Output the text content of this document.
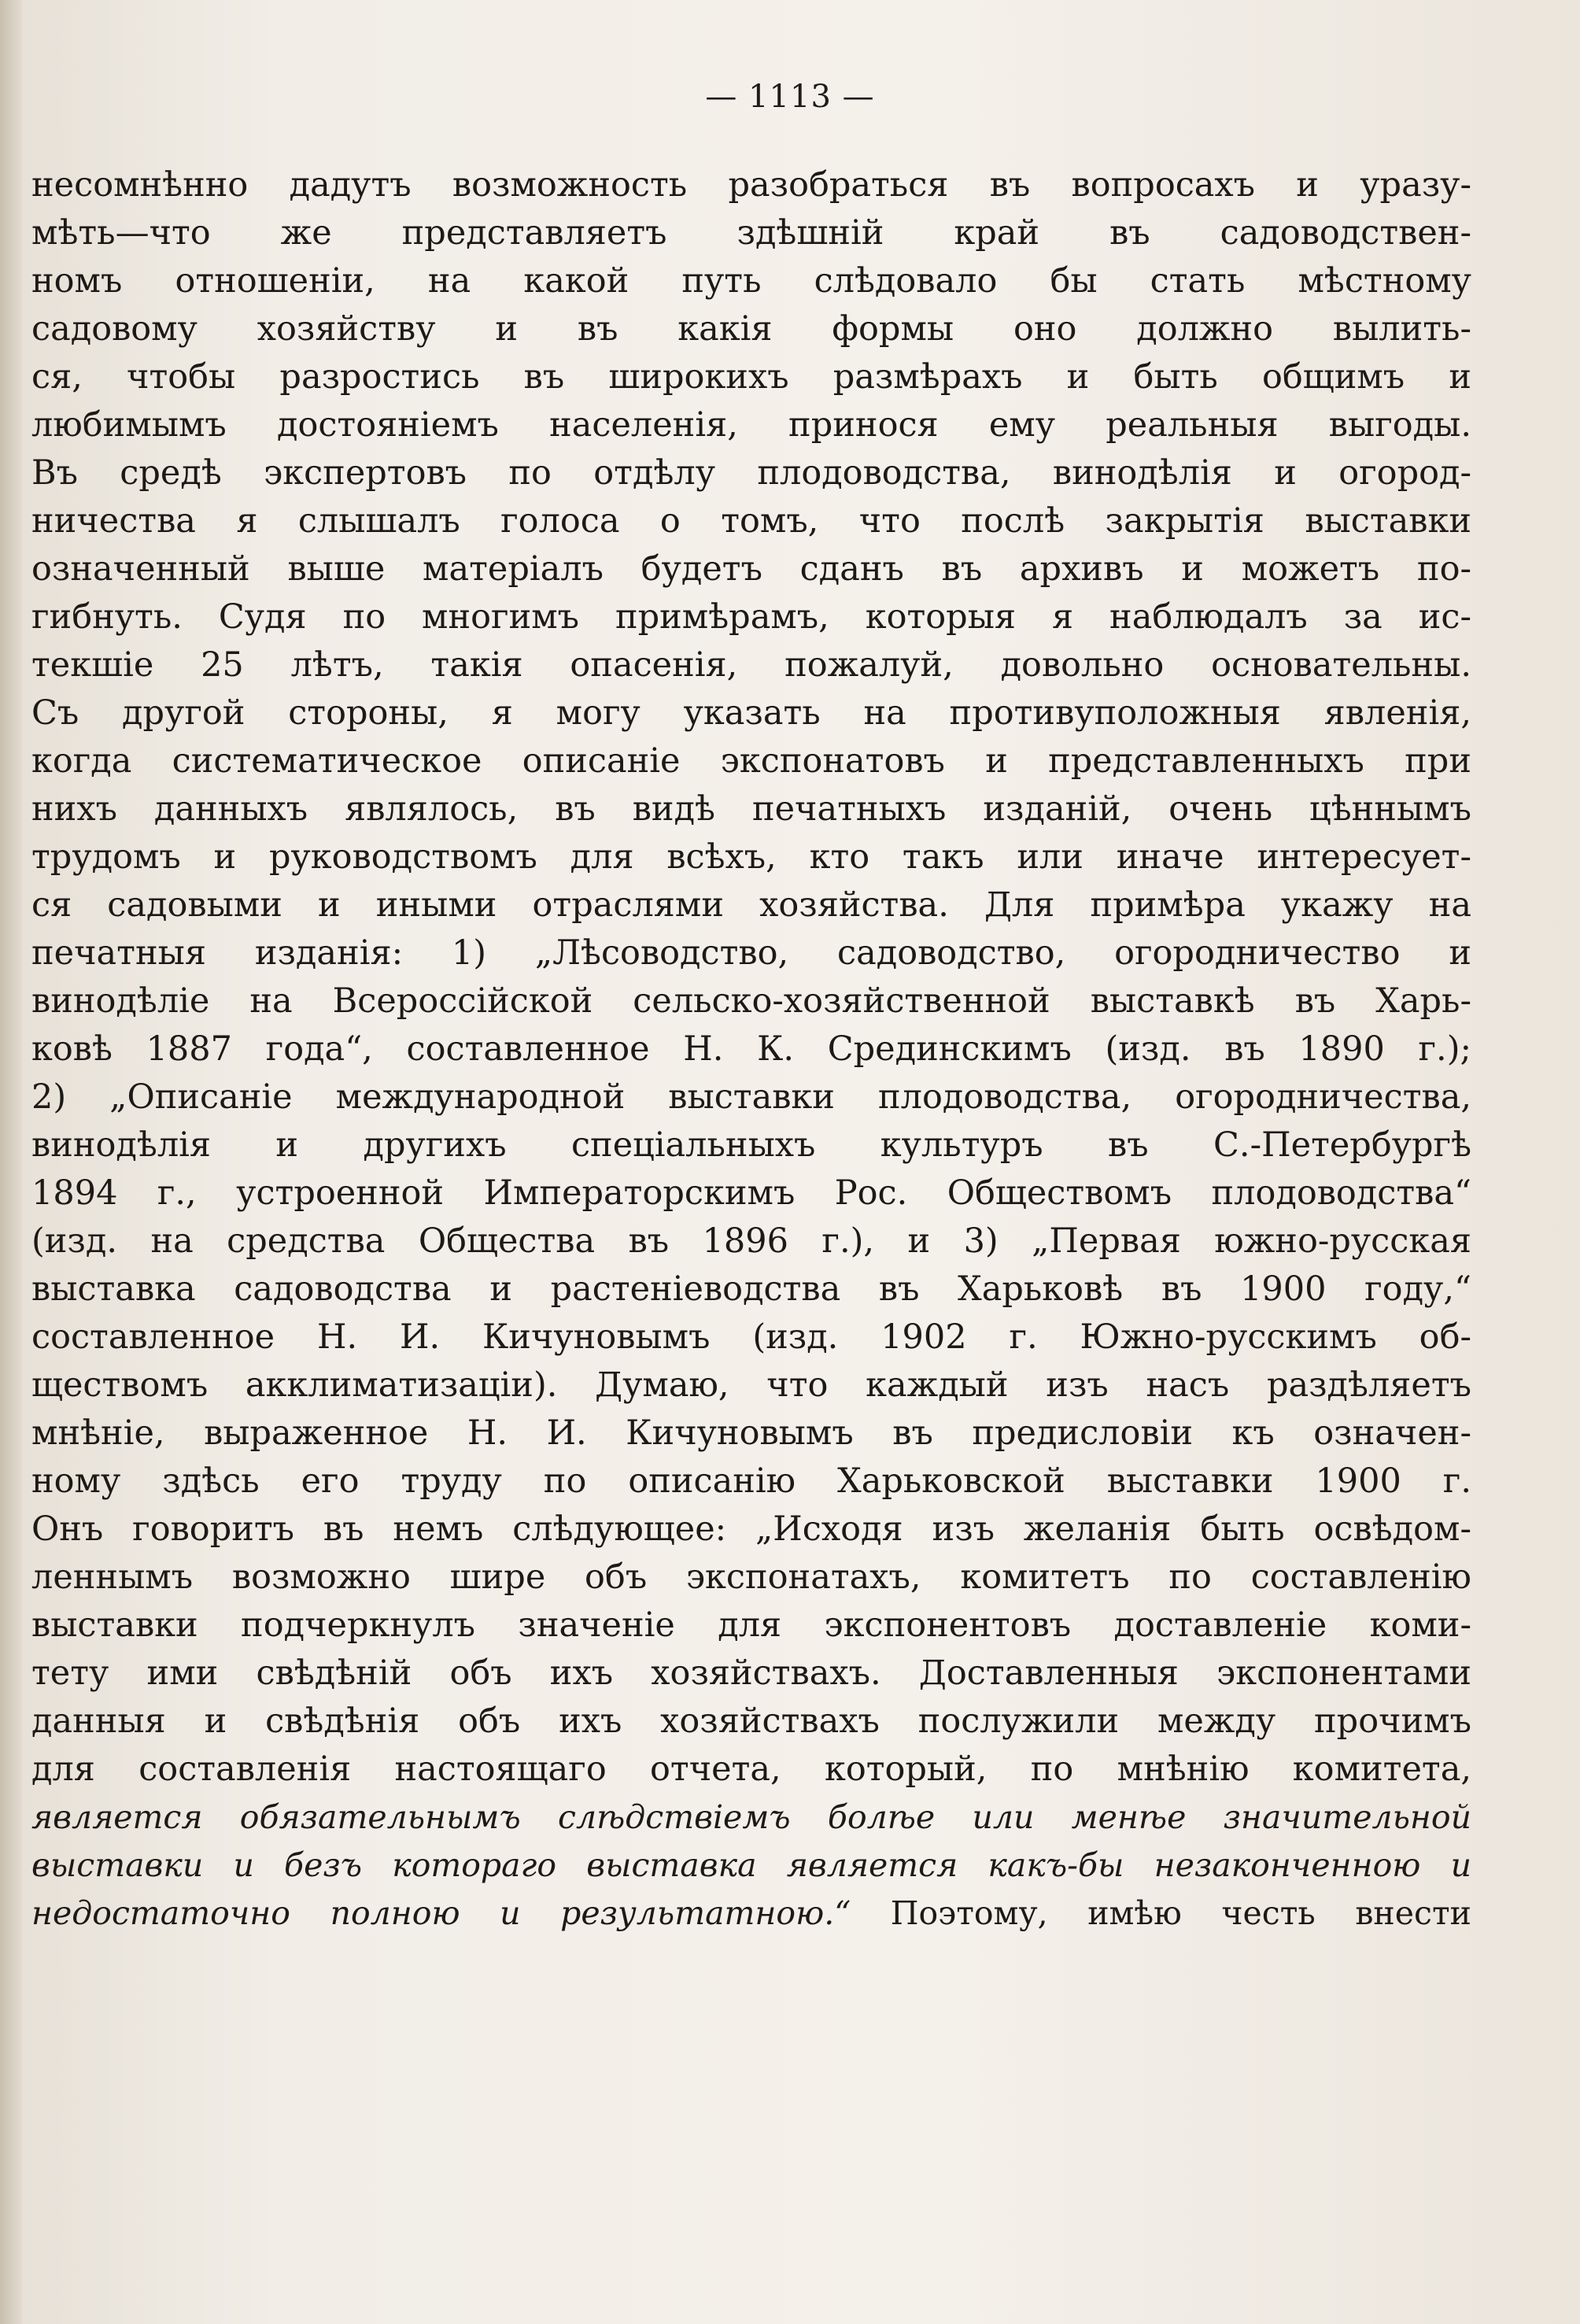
— 1113 —
несомнѣнно дадутъ возможность разобраться въ вопросахъ и уразу-
мѣть—что же представляетъ здѣшній край въ садоводствен-
номъ отношеніи, на какой путь слѣдовало бы стать мѣстному
садовому хозяйству и въ какія формы оно должно вылить-
ся, чтобы разростись въ широкихъ размѣрахъ и быть общимъ и
любимымъ достояніемъ населенія, принося ему реальныя выгоды.
Въ средѣ экспертовъ по отдѣлу плодоводства, винодѣлія и огород-
ничества я слышалъ голоса о томъ, что послѣ закрытія выставки
означенный выше матеріалъ будетъ сданъ въ архивъ и можетъ по-
гибнуть. Судя по многимъ примѣрамъ, которыя я наблюдалъ за ис-
текшіе 25 лѣтъ, такія опасенія, пожалуй, довольно основательны.
Съ другой стороны, я могу указать на противуположныя явленія,
когда систематическое описаніе экспонатовъ и представленныхъ при
нихъ данныхъ являлось, въ видѣ печатныхъ изданій, очень цѣннымъ
трудомъ и руководствомъ для всѣхъ, кто такъ или иначе интересует-
ся садовыми и иными отраслями хозяйства. Для примѣра укажу на
печатныя изданія: 1) „Лѣсоводство, садоводство, огородничество и
винодѣліе на Всероссійской сельско-хозяйственной выставкѣ въ Харь-
ковѣ 1887 года“, составленное Н. К. Срединскимъ (изд. въ 1890 г.);
2) „Описаніе международной выставки плодоводства, огородничества,
винодѣлія и другихъ спеціальныхъ культуръ въ С.-Петербургѣ
1894 г., устроенной Императорскимъ Рос. Обществомъ плодоводства“
(изд. на средства Общества въ 1896 г.), и 3) „Первая южно-русская
выставка садоводства и растеніеводства въ Харьковѣ въ 1900 году,“
составленное Н. И. Кичуновымъ (изд. 1902 г. Южно-русскимъ об-
ществомъ акклиматизаціи). Думаю, что каждый изъ насъ раздѣляетъ
мнѣніе, выраженное Н. И. Кичуновымъ въ предисловіи къ означен-
ному здѣсь его труду по описанію Харьковской выставки 1900 г.
Онъ говоритъ въ немъ слѣдующее: „Исходя изъ желанія быть освѣдом-
леннымъ возможно шире объ экспонатахъ, комитетъ по составленію
выставки подчеркнулъ значеніе для экспонентовъ доставленіе коми-
тету ими свѣдѣній объ ихъ хозяйствахъ. Доставленныя экспонентами
данныя и свѣдѣнія объ ихъ хозяйствахъ послужили между прочимъ
для составленія настоящаго отчета, который, по мнѣнію комитета,
является обязательнымъ слѣдствіемъ болѣе или менѣе значительной
выставки и безъ котораго выставка является какъ-бы незаконченною и
недостаточно полною и результатною.“ Поэтому, имѣю честь внести
